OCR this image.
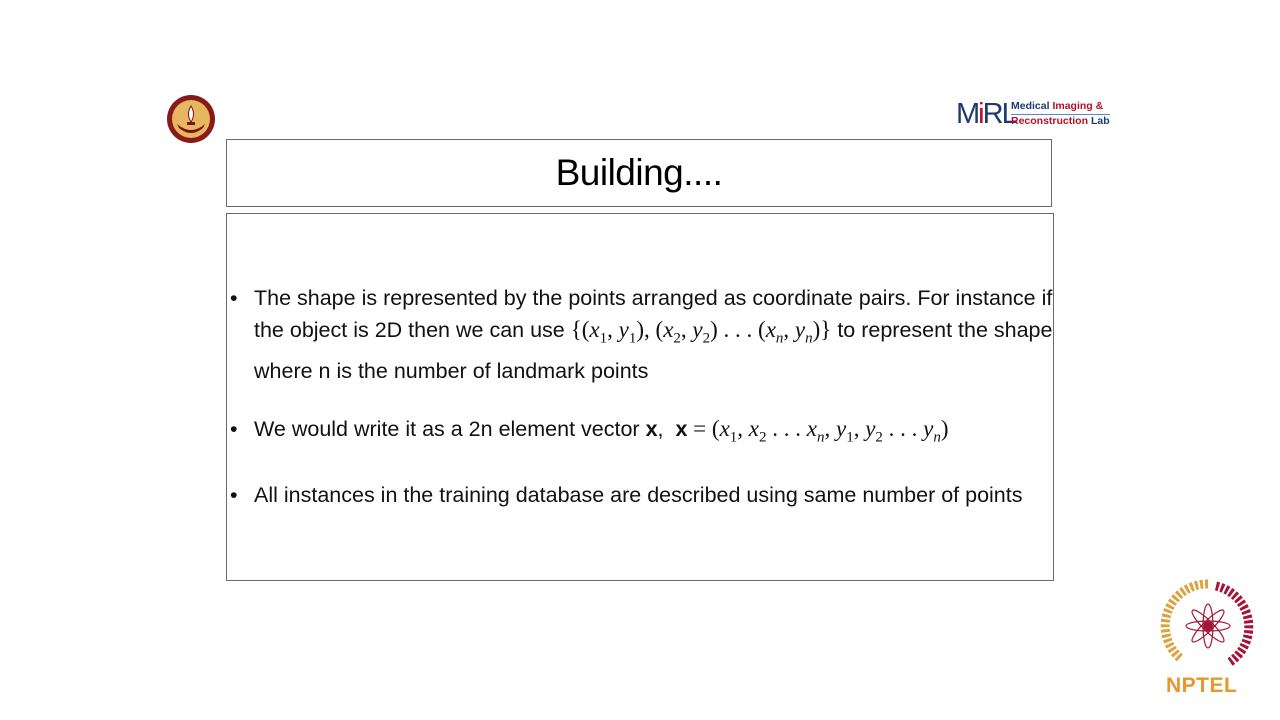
MiRL
Medical Imaging &
Reconstruction Lab
Building....
• The shape is represented by the points arranged as coordinate pairs. For instance if the object is 2D then we can use {($x_1$, $y_1$), ($x_2$, $y_2$) . . . ($x_n$, $y_n$)} to represent the shape where n is the number of landmark points
• We would write it as a 2n element vector x,  $x = (x_1$, $x_2$ . . . $x_n$, $y_1$, $y_2$ . . . $y_n$)
• All instances in the training database are described using same number of points
NPTEL
